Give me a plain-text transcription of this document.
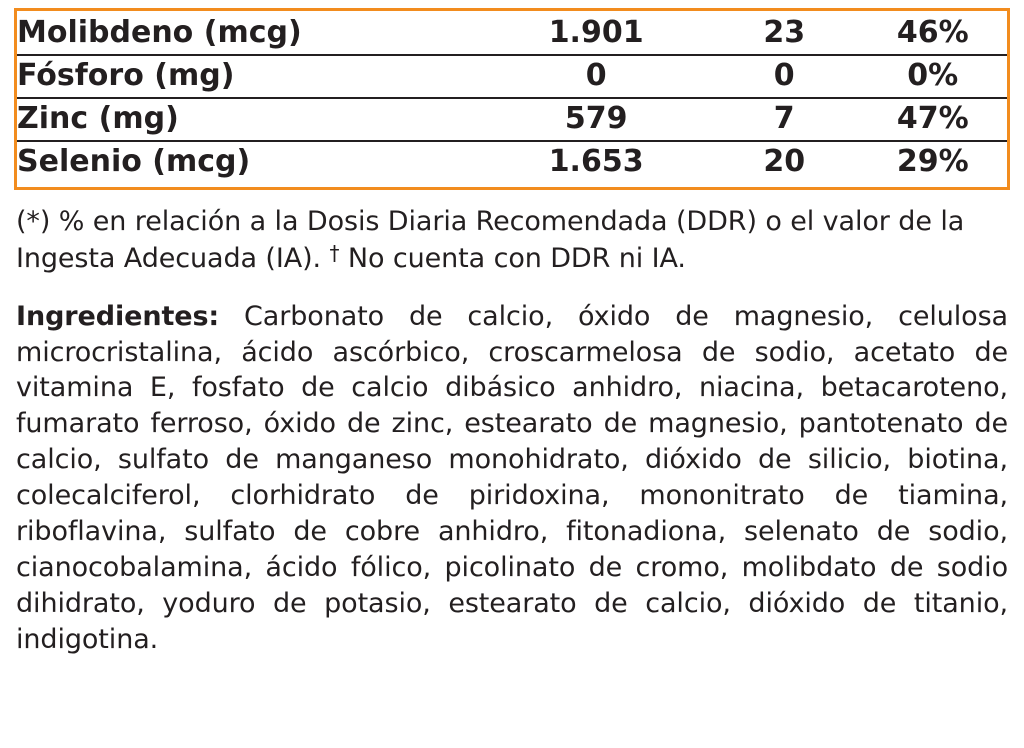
Molibdeno (mcg)	1.901	23	46%
Fósforo (mg)	0	0	0%
Zinc (mg)	579	7	47%
Selenio (mcg)	1.653	20	29%

(*) % en relación a la Dosis Diaria Recomendada (DDR) o el valor de la Ingesta Adecuada (IA). † No cuenta con DDR ni IA.

Ingredientes: Carbonato de calcio, óxido de magnesio, celulosa microcristalina, ácido ascórbico, croscarmelosa de sodio, acetato de vitamina E, fosfato de calcio dibásico anhidro, niacina, betacaroteno, fumarato ferroso, óxido de zinc, estearato de magnesio, pantotenato de calcio, sulfato de manganeso monohidrato, dióxido de silicio, biotina, colecalciferol, clorhidrato de piridoxina, mononitrato de tiamina, riboflavina, sulfato de cobre anhidro, fitonadiona, selenato de sodio, cianocobalamina, ácido fólico, picolinato de cromo, molibdato de sodio dihidrato, yoduro de potasio, estearato de calcio, dióxido de titanio, indigotina.
